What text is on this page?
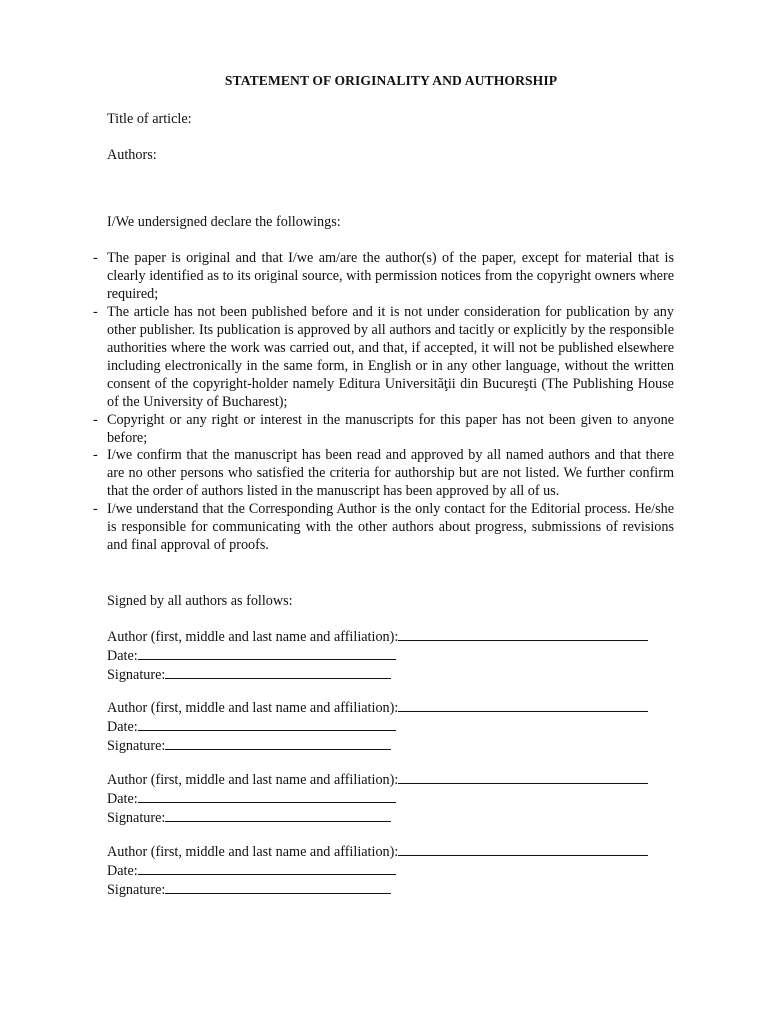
STATEMENT OF ORIGINALITY AND AUTHORSHIP
Title of article:
Authors:
I/We undersigned declare the followings:
- The paper is original and that I/we am/are the author(s) of the paper, except for material that is clearly identified as to its original source, with permission notices from the copyright owners where required;
- The article has not been published before and it is not under consideration for publication by any other publisher. Its publication is approved by all authors and tacitly or explicitly by the responsible authorities where the work was carried out, and that, if accepted, it will not be published elsewhere including electronically in the same form, in English or in any other language, without the written consent of the copyright-holder namely Editura Universităţii din Bucureşti (The Publishing House of the University of Bucharest);
- Copyright or any right or interest in the manuscripts for this paper has not been given to anyone before;
- I/we confirm that the manuscript has been read and approved by all named authors and that there are no other persons who satisfied the criteria for authorship but are not listed. We further confirm that the order of authors listed in the manuscript has been approved by all of us.
- I/we understand that the Corresponding Author is the only contact for the Editorial process. He/she is responsible for communicating with the other authors about progress, submissions of revisions and final approval of proofs.
Signed by all authors as follows:
Author (first, middle and last name and affiliation):
Date:
Signature:
Author (first, middle and last name and affiliation):
Date:
Signature:
Author (first, middle and last name and affiliation):
Date:
Signature:
Author (first, middle and last name and affiliation):
Date:
Signature:
